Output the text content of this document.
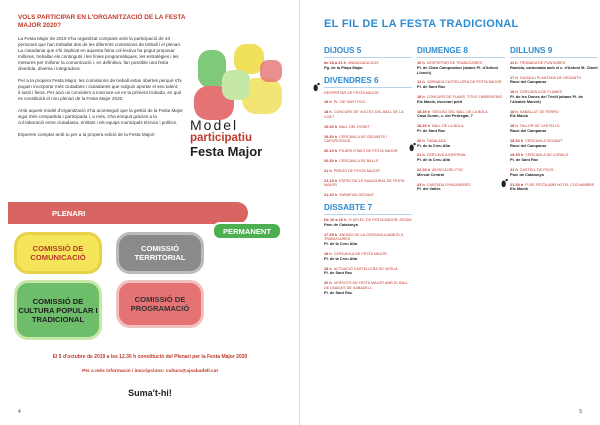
VOLS PARTICIPAR EN L'ORGANITZACIÓ DE LA FESTA MAJOR 2020?

La Festa Major de 2019 s'ha organitzat comptant amb la participació de 43 persones que han treballat des de les diferents comissions de treball i el plenari. La ciutadania que s'hi implicat en aquesta feina col·lectiva ha pogut proposar millores, treballar els continguts i les línies programàtiques, les estratègies i les mesures per millorar la comunicació i, en definitiva, fan possible una festa divertida, diversa i integradora.

Per a la propera Festa Major, les comissions de treball estan obertes perquè s'hi puguin incorporar més ciutadans i ciutadanes que vulguin aportar el seu talent, il·lusió i feina. Per això us convidem a inscriure-us en la primera trobada, en què es constituirà el nou plenari de la Festa Major 2020.

Amb aquest model d'organització s'ha aconseguit que la gestió de la Festa Major sigui més compartida i participada i, a més, s'ha enriquit gràcies a la col·laboració entre ciutadania, entitats i els equips municipals tècnics i polítics.

Esperem comptar amb tu per a la propera edició de la Festa Major!

Model
participatiu
Festa Major
PLENARI
PERMANENT
COMISSIÓ DE COMUNICACIÓ
COMISSIÓ TERRITORIAL
COMISSIÓ DE CULTURA POPULAR I TRADICIONAL
COMISSIÓ DE PROGRAMACIÓ
El 5 d'octubre de 2019 a les 12.30 h constitució del Plenari per la Festa Major 2020
Per a més informació i inscripcions: cultura@ajsabadell.cat
Suma't-hi!
4
EL FIL DE LA FESTA TRADICIONAL
DIJOUS 5
de 18 a 21 h ANIMALADA 2019
Pg. de la Plaça Major
DIVENDRES 6
DESPERTAR DE FESTA MAJOR
18 h PL. DE SANT ROC
18 h CONCURS DE VOLTES DEL BALL DE LA COET
19.30 h BALL DEL ROSET
19.30 h CERCAVILA DE GEGANTS I CAPGROSSOS
20.15 h PILARS D'INICI DE FESTA MAJOR
20.30 h CERCAVILA DE BALLS
21 h PREGÓ DE FESTA MAJOR
21.15 h ESPECTACLE INAUGURAL DE FESTA MAJOR
21.30 h SARAFIAX GEGANT
DISSABTE 7
De 10 a 16 h IV APLEC DE FESTA MAJOR: RISSIA
Parc de Catalunya
17.45 h ANUNCI DE LA CERCAVILA AMB ELS TRABUCAIRES
Pl. de la Creu Alta
18 h CERCAVILA DE FESTA MAJOR
Pl. de la Creu Alta
18 h ACTUACIÓ CASTELLERA DE VIGÍLIA
Pl. de Sant Roc
20 h VERSOTS DE FESTA MAJOR AMB EL BALL DE DIABLES DE SABADELL
Pl. de Sant Roc
DIUMENGE 8
10 h DESPERTAR DE TRABUCAIRES
Pl. de Clara Campoamor (abans Pl. d'Antoni Llonch)
12 h JORNADA CASTELLERA DE FESTA MAJOR
Pl. de Sant Roc
18 h CONCURS DE FLAMS, TITUS I BARRUFINS
Els Macià, escenari petit
18.30 h SEGUICI DEL BALL DE LA BOLA
Casa Duran, c. del Pedregar, 7
18.30 h BALL DE LA BOLA
Pl. de Sant Roc
20 h TABALADA
Pl. de la Creu Alta
21 h CERCAVILA INFERNAL
Pl. de la Creu Alta
22.30 h MÚSICA DEL FOC
Mercat Central
23 h CANTADA D'HAVANERES
Pl. del Vallès
DILLUNS 9
11 h TROBADA DE PUNTAIRES
Rambla, cantonada amb el c. d'Antoni M. Claret
17 h GUIADA I PLANTADA DE GEGANTS
Racó del Campanar
18 h CERCAVILA DE FLAMES
Pl. de les Dones del Tèxtil (abans Pl. de l'Alcalde Marcet)
18 h SABALLUT DE FERRO
Els Macià
18 h TALLER DE CASTELLS
Racó del Campanar
18.30 h CERCAVILA GEGANT
Racó del Campanar
19.45 h CERCAVILA DE CORALS
Pl. de Sant Roc
21 h CASTELL DE FOCS
Parc de Catalunya
21.30 h FI DE FESTA AMB HOTEL COCHAMBRE
Els Macià
5
